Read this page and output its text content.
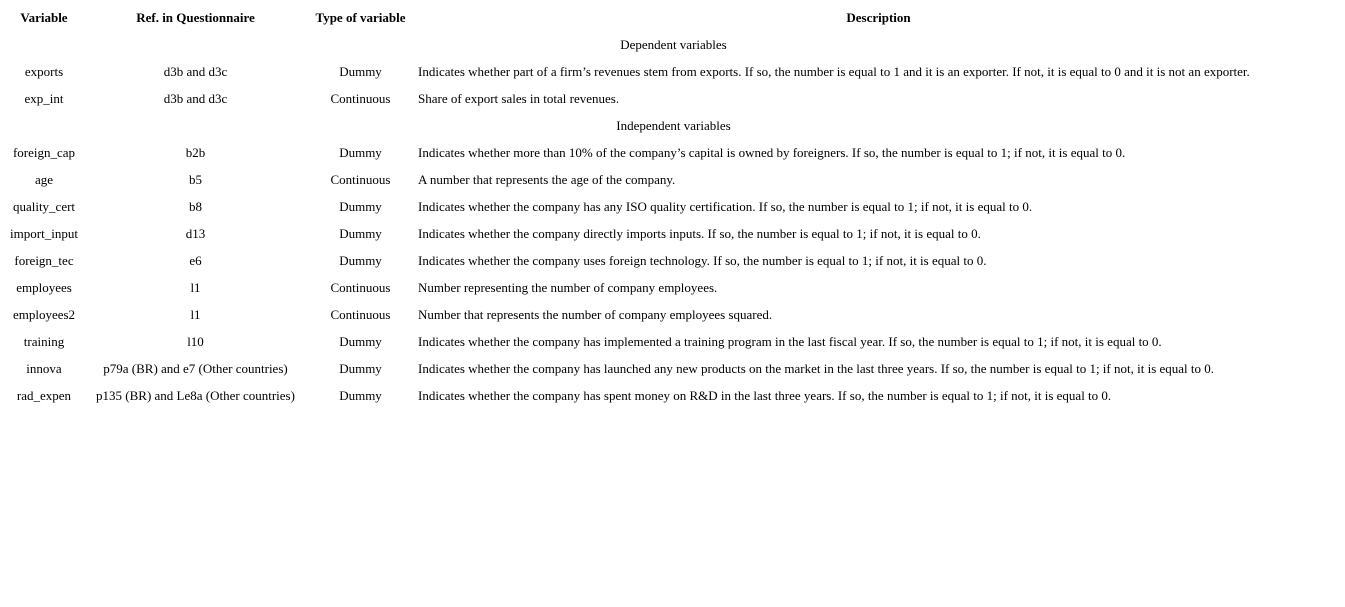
Variable	Ref. in Questionnaire	Type of variable	Description
Dependent variables			
exports	d3b and d3c	Dummy	Indicates whether part of a firm’s revenues stem from exports. If so, the number is equal to 1 and it is an exporter. If not, it is equal to 0 and it is not an exporter.
exp_int	d3b and d3c	Continuous	Share of export sales in total revenues.
Independent variables			
foreign_cap	b2b	Dummy	Indicates whether more than 10% of the company’s capital is owned by foreigners. If so, the number is equal to 1; if not, it is equal to 0.
age	b5	Continuous	A number that represents the age of the company.
quality_cert	b8	Dummy	Indicates whether the company has any ISO quality certification. If so, the number is equal to 1; if not, it is equal to 0.
import_input	d13	Dummy	Indicates whether the company directly imports inputs. If so, the number is equal to 1; if not, it is equal to 0.
foreign_tec	e6	Dummy	Indicates whether the company uses foreign technology. If so, the number is equal to 1; if not, it is equal to 0.
employees	l1	Continuous	Number representing the number of company employees.
employees2	l1	Continuous	Number that represents the number of company employees squared.
training	l10	Dummy	Indicates whether the company has implemented a training program in the last fiscal year. If so, the number is equal to 1; if not, it is equal to 0.
innova	p79a (BR) and e7 (Other countries)	Dummy	Indicates whether the company has launched any new products on the market in the last three years. If so, the number is equal to 1; if not, it is equal to 0.
rad_expen	p135 (BR) and Le8a (Other countries)	Dummy	Indicates whether the company has spent money on R&D in the last three years. If so, the number is equal to 1; if not, it is equal to 0.
